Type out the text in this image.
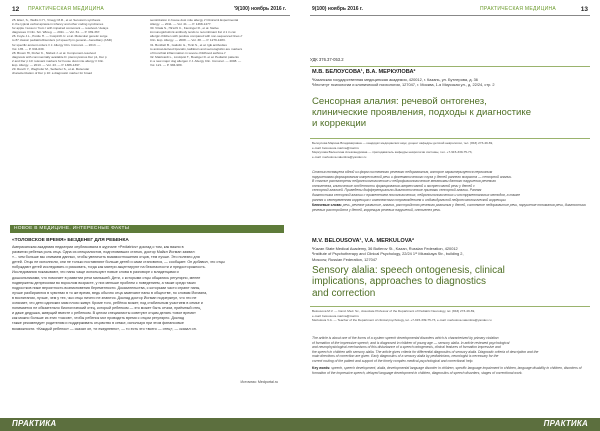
12 ПРАКТИЧЕСКАЯ МЕДИЦИНА	'9(100) ноябрь 2016 г.
25. Eliez, S., Wellis C.H., Vinegy M.R., et al. Serotonin synthesis
in the typical verbal apraxia in infancy and other coding syndromes
for apple / lesson / from / with impaired consonant — resolved / delays
diagnoses // Clin. Sci. Wkreg. — 2011. — Vol. 61. — P. 339-367.
26. Foyle J.L., Postle H. — Cuspin/K.U. et al. Molecular genetic surge
to 87 classic pediatric/disorders (of speech) in general—hereditary (ASD)
for specific ancient orders // J. Allergy Clin. Immunol. — 2013. —
Vol. 135. — P. 634-639.
28. Brown HI, Fisher K., Nisbett J. et al. Component-resolved
diagnosis with commercially available D. pteronyssinus Der p1, Der p
2 and Der p 10: relevant markers for house dust mite allergy // Clin.
Exp. Allergy. — 2013. — Vol. 43. — P. 1386-1397.
29. Resch Y., Weghofer M., Seiberler S., et al. Molecular
characterization of Der p 10: a diagnostic marker for broad
sensitization in house dust mite allergy // Clinical & Experimental
Allergy. — 2011. — Vol. 41. — P. 1468-1477.
30. Vrtala S., Hirschl C., Kieninger R., et al. Native
immunoglobulin E antibody tends to recombinant Fel d 1 in cat
allergic children with positive compared with non-sequenced lines //
Clin. Exp. Allergy. — 2008. — Vol. 38. — P. 1279-1283.
31. Bonifazi B., Galiulin G., Tickt S., et al. IgE antibodies
to animal-derived lipocalin, kallikrein and secretoglobin are markers
of bronchial inflammation in severe childhood asthma //
32. Matricardi L., Lindqvist T., Boettger D. et al. Pediatric patients
in a new major dog allergen // J. Allergy Clin. Immunol. — 2008. —
Vol. 121. — P. 984-989.
НОВОЕ В МЕДИЦИНЕ. ИНТЕРЕСНЫЕ ФАКТЫ
«ТОЛОВСКОЕ ВРЕМЯ» БЕЗДЕНЕГ ДЛЯ РЕБЕНКА
Американская академия педиатрии опубликовала в журнале «Pediatrics» доклад о том, как важно в
развитии ребенка роль отца. Одна из специалистов, подготовивших статью, доктор Майкл Йогман заявил:
«... чем больше мы снимаем данных, чтобы увеличить взаимоотношения отцов, тем лучше. Это полезно для
детей. Отцы не исполнили, они не только поставляют больше детей и сами становятся, — сообщает. Он добавил, что отцы
побуждают детей исследовать и рисковать, тогда как матери акцентируют на безопасности и предосторожность.
Исследования показывают, что папы чаще используют новые слова в разговоре с младенцами и
дошкольниками, что помогает в развитии речи малышей. Дети, с которыми отцы общались регулярно, менее
подвержены депрессиям во взрослом возрасте, у них меньше проблем с поведением, а также среди таких
подростков ниже вероятность возникновения беременности. Доказательства, с которыми часто играют папы,
лучше разбираются в чувствах в то же время, ведь обычно отца замечают папы в обществе, по словам Йогмана,
в воспитании, лучше, чем у тех, чьи отцы ничего не знаются. Доклад доктор Йогман подчеркнул, что это не
означает, что дети одиноких мам плохо живут. Кроме того, ребёнок может, под стабильным участием в семье и
понимается не обязательно биологический отец, который ребенком — это может быть отчим, приёмный отец
и даже дедушка, живущий вместе с ребенком. В целом специалисты советуют отцам делать «свое время»
как можно больше из этих «часов», чтобы ребенок мог проводить время с отцом регулярно. Доклад
также рекомендует родителям и поддерживать отцовство в семье, используя при этом финансовые
возможности. «Каждый ребенок» — сказал он, «и ежедневно», — то есть это «всего — отец», — сказал он.
Источник: Medportal.ru
ПРАКТИКА
9(100) ноябрь 2016 г.	ПРАКТИЧЕСКАЯ МЕДИЦИНА	13
УДК 376.37-053.2
М.В. БЕЛОУСОВА¹, В.А. МЕРКУЛОВА²
¹Казанская государственная медицинская академия, 420012, г. Казань, ул. Бутлерова, д. 36
²Институт психологии и клинической психологии, 127047, г. Москва, 1-я Миусская ул., д. 22/24, стр. 2
Сенсорная алалия: речевой онтогенез,
клинические проявления, подходы к диагностике
и коррекции
Белоусова Марина Владимировна — кандидат медицинских наук, доцент кафедры детской неврологии, тел. (843) 273-49-69,
e-mail: belousova.marina@mail.ru
Меркулова Валентина Александровна — преподаватель кафедры неврологии системы, тел. +7-915-339-75-73,
e-mail: merkulova.valentina@yandex.ru
Статья посвящена одной из форм системного речевого недоразвития, которое характеризуется первичным
нарушениями формирования импрессивной речи и фонематического слуха у детей раннего возраста — сенсорной алалии.
В статье рассмотрены нейропсихологические и нейрофизиологические механизмы данного нарушения речевого
онтогенеза, клинические особенности формирования импрессивной и экспрессивной речи у детей с
сенсорной алалией. Приведены дифференциально-диагностические признаки сенсорной алалии. Ранняя
диагностика сенсорной алалии с применением психологических, нейропсихологических и инструментальных методов, а также
ранняя и своевременная коррекция с комплексным сопровождением и индивидуальной нейропсихологической коррекции.
Ключевые слова: речь, речевое развитие, алалия, расстройство речевого развития у детей, системное недоразвитие речи, нарушение понимания речи, диагностика речевых расстройств у детей, коррекция речевых нарушений, онтогенез речи.
M.V. BELOUSOVA¹, V.A. MERKULOVA²
¹Kazan State Medical Academy, 36 Butlerov St., Kazan, Russian Federation, 420012
²Institute of Psychotherapy and Clinical Psychology, 22/24 1ˢᵗ Miusskaya Str., building 2,
Moscow, Russian Federation, 127047
Sensory alalia: speech ontogenesis, clinical
implications, approaches to diagnostics
and correction
Belousova M.V. — Cand. Med. Sc., Associate Professor of the Department of Pediatric Neurology, tel. (843) 273-49-69,
e-mail: belousova.marina@mail.ru
Merkulova V.A. — Teacher of the Department of clinical psychology, tel. +7-915-339-75-73, e-mail: merkulova.valentina@yandex.ru
The article is about one of the forms of a system speech developmental disorders which is characterized by primary violation
of formation of the impressive speech, and is diagnosed in children of young age — sensory alalia. In article reviewed psychological
and neurophysiological mechanisms of this disturbance of a speech ontogenesis, clinical features of formation impressive and
the speech in children with sensory alalia. The article gives criteria for differential diagnostics of sensory alalia. Diagnostic criteria of description and the
main directions of correction are given. Early diagnostics of a sensory alalia by pediatricians, neurologist is necessary for the
correct routing of the patient and support of the timely complex medical-psychological and correctional help.
Key words: speech, speech development, alalia, developmental language disorder in children, specific language impairment in children, language disability in children, disorders of formation of the impressive speech, delayed language development in children, diagnostics of speech disorders, stages of correctional work.
ПРАКТИКА
